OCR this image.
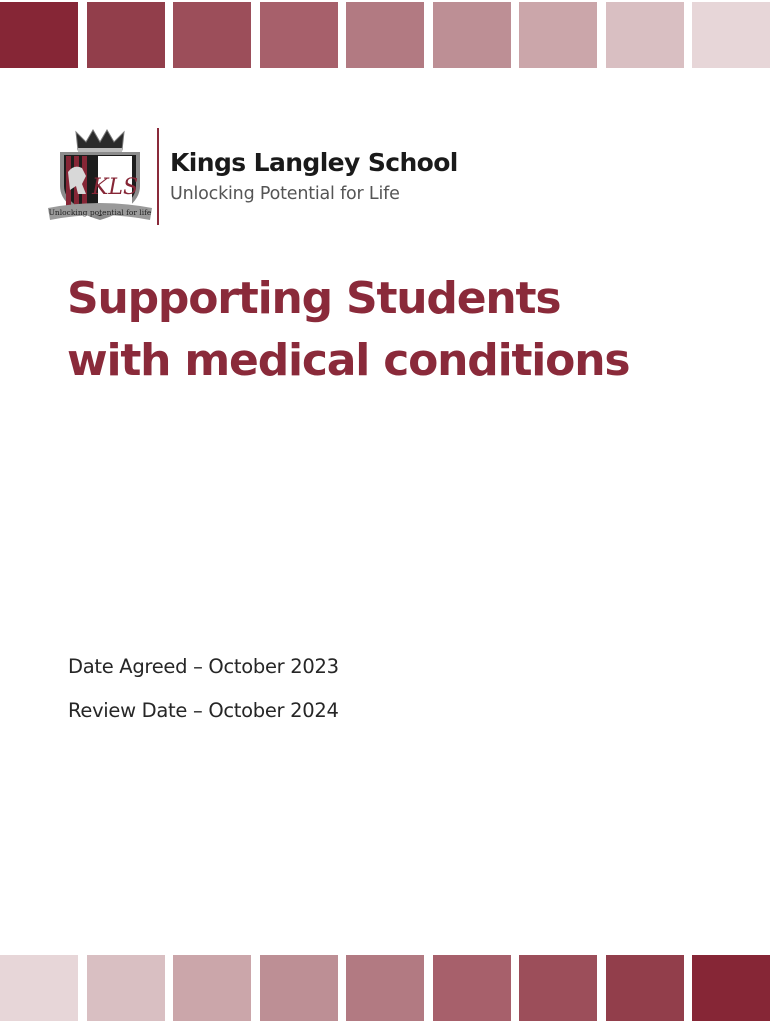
KLS
Unlocking potential for life
Kings Langley School
Unlocking Potential for Life
Supporting Students
with medical conditions
Date Agreed – October 2023
Review Date – October 2024
